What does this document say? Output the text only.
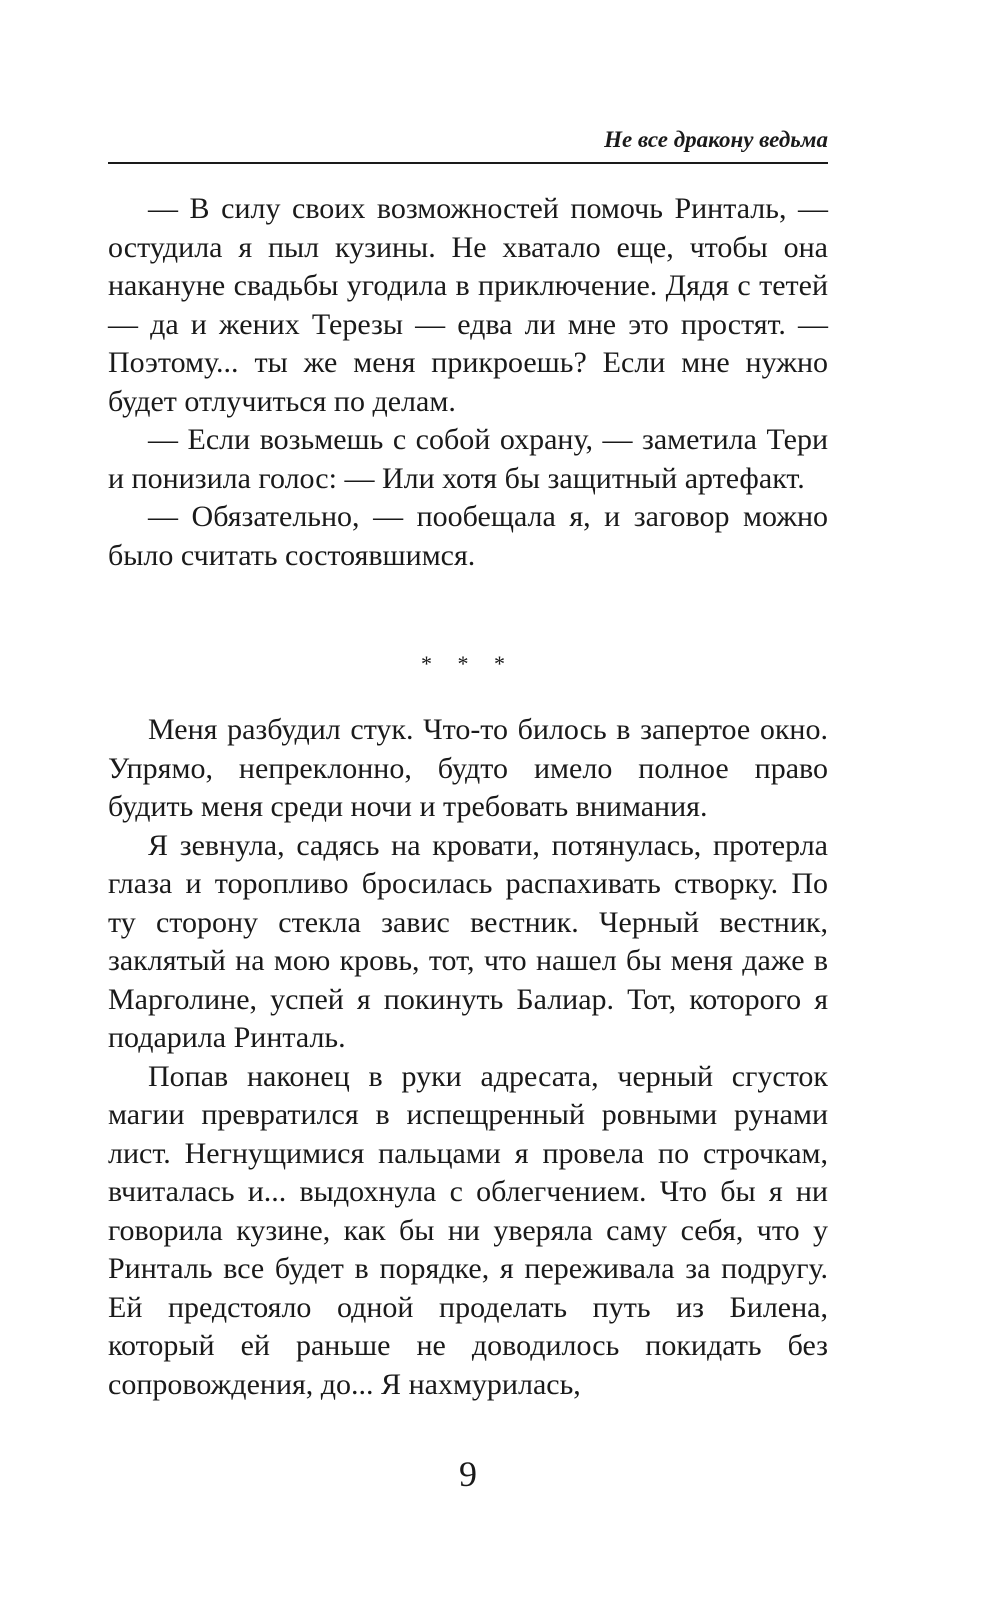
Не все дракону ведьма

— В силу своих возможностей помочь Ринталь, — остудила я пыл кузины. Не хватало еще, чтобы она накануне свадьбы угодила в приключение. Дядя с тетей — да и жених Терезы — едва ли мне это простят. — Поэтому... ты же меня прикроешь? Если мне нужно будет отлучиться по делам.

— Если возьмешь с собой охрану, — заметила Тери и понизила голос: — Или хотя бы защитный артефакт.

— Обязательно, — пообещала я, и заговор можно было считать состоявшимся.

* * *

Меня разбудил стук. Что-то билось в запертое окно. Упрямо, непреклонно, будто имело полное право будить меня среди ночи и требовать внимания.

Я зевнула, садясь на кровати, потянулась, протерла глаза и торопливо бросилась распахивать створку. По ту сторону стекла завис вестник. Черный вестник, заклятый на мою кровь, тот, что нашел бы меня даже в Марголине, успей я покинуть Балиар. Тот, которого я подарила Ринталь.

Попав наконец в руки адресата, черный сгусток магии превратился в испещренный ровными рунами лист. Негнущимися пальцами я провела по строчкам, вчиталась и... выдохнула с облегчением. Что бы я ни говорила кузине, как бы ни уверяла саму себя, что у Ринталь все будет в порядке, я переживала за подругу. Ей предстояло одной проделать путь из Билена, который ей раньше не доводилось покидать без сопровождения, до... Я нахмурилась,

9
